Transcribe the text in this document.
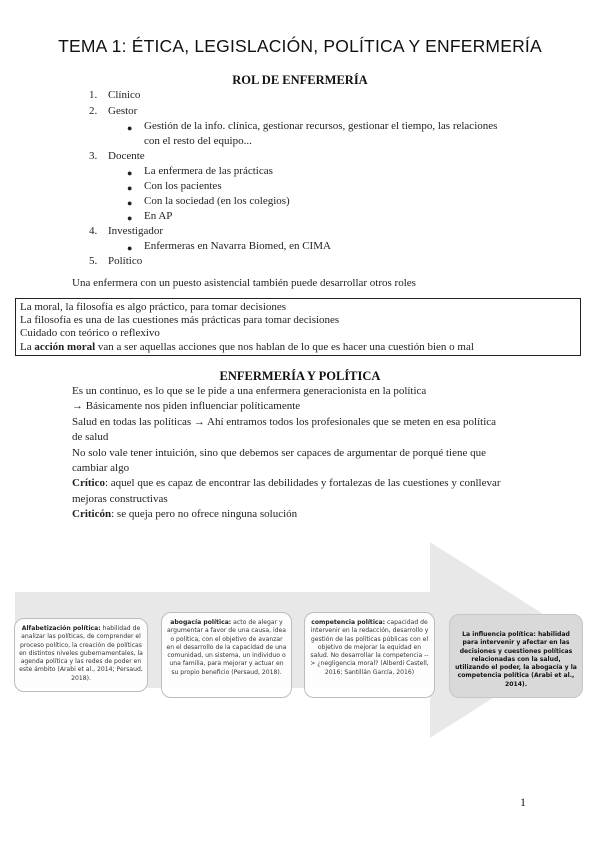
TEMA 1: ÉTICA, LEGISLACIÓN, POLÍTICA Y ENFERMERÍA
ROL DE ENFERMERÍA
1. Clínico
2. Gestor
● Gestión de la info. clínica, gestionar recursos, gestionar el tiempo, las relaciones
con el resto del equipo...
3. Docente
● La enfermera de las prácticas
● Con los pacientes
● Con la sociedad (en los colegios)
● En AP
4. Investigador
● Enfermeras en Navarra Biomed, en CIMA
5. Político
Una enfermera con un puesto asistencial también puede desarrollar otros roles
La moral, la filosofía es algo práctico, para tomar decisiones
La filosofía es una de las cuestiones más prácticas para tomar decisiones
Cuidado con teórico o reflexivo
La acción moral van a ser aquellas acciones que nos hablan de lo que es hacer una cuestión bien o mal
ENFERMERÍA Y POLÍTICA
Es un continuo, es lo que se le pide a una enfermera generacionista en la política
→ Básicamente nos piden influenciar políticamente
Salud en todas las políticas → Ahí entramos todos los profesionales que se meten en esa política
de salud
No solo vale tener intuición, sino que debemos ser capaces de argumentar de porqué tiene que
cambiar algo
Crítico: aquel que es capaz de encontrar las debilidades y fortalezas de las cuestiones y conllevar
mejoras constructivas
Criticón: se queja pero no ofrece ninguna solución
Alfabetización política: habilidad de analizar las políticas, de comprender el proceso político, la creación de políticas en distintos niveles gubernamentales, la agenda política y las redes de poder en este ámbito (Arabi et al., 2014; Persaud, 2018).
abogacía política: acto de alegar y argumentar a favor de una causa, idea o política, con el objetivo de avanzar en el desarrollo de la capacidad de una comunidad, un sistema, un individuo o una familia, para mejorar y actuar en su propio beneficio (Persaud, 2018).
competencia política: capacidad de intervenir en la redacción, desarrollo y gestión de las políticas públicas con el objetivo de mejorar la equidad en salud. No desarrollar la competencia --> ¿negligencia moral? (Alberdi Castell, 2016; Santillán García, 2016)
La influencia política: habilidad para intervenir y afectar en las decisiones y cuestiones políticas relacionadas con la salud, utilizando el poder, la abogacía y la competencia política (Arabi et al., 2014).
1
